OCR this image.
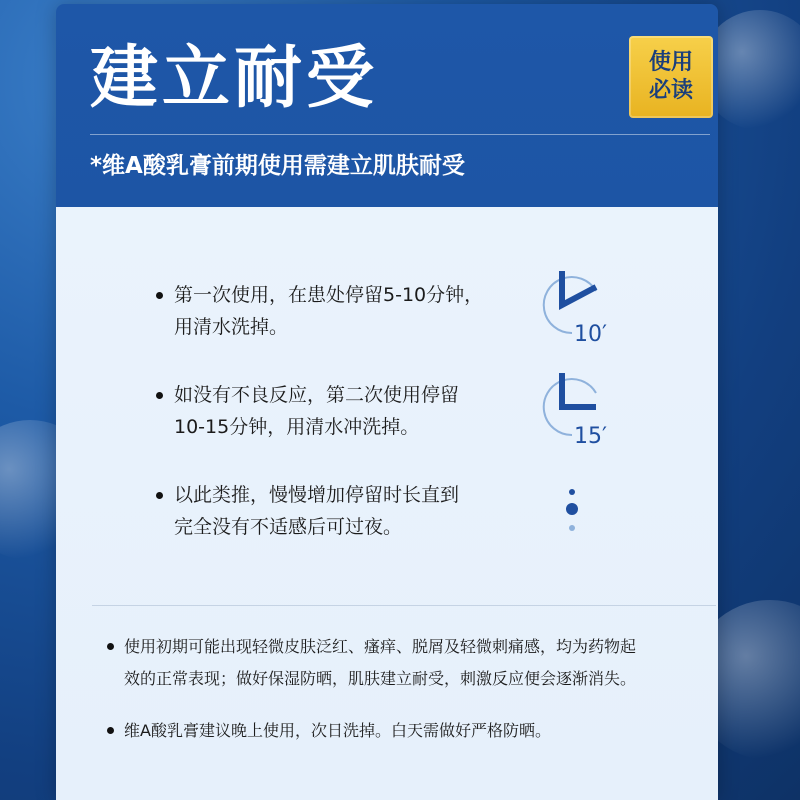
建立耐受	使用
必读
*维A酸乳膏前期使用需建立肌肤耐受
第一次使用，在患处停留5-10分钟，
用清水洗掉。	10′
如没有不良反应，第二次使用停留
10-15分钟，用清水冲洗掉。	15′
以此类推，慢慢增加停留时长直到
完全没有不适感后可过夜。
使用初期可能出现轻微皮肤泛红、瘙痒、脱屑及轻微刺痛感，均为药物起
效的正常表现；做好保湿防晒，肌肤建立耐受，刺激反应便会逐渐消失。
维A酸乳膏建议晚上使用，次日洗掉。白天需做好严格防晒。
